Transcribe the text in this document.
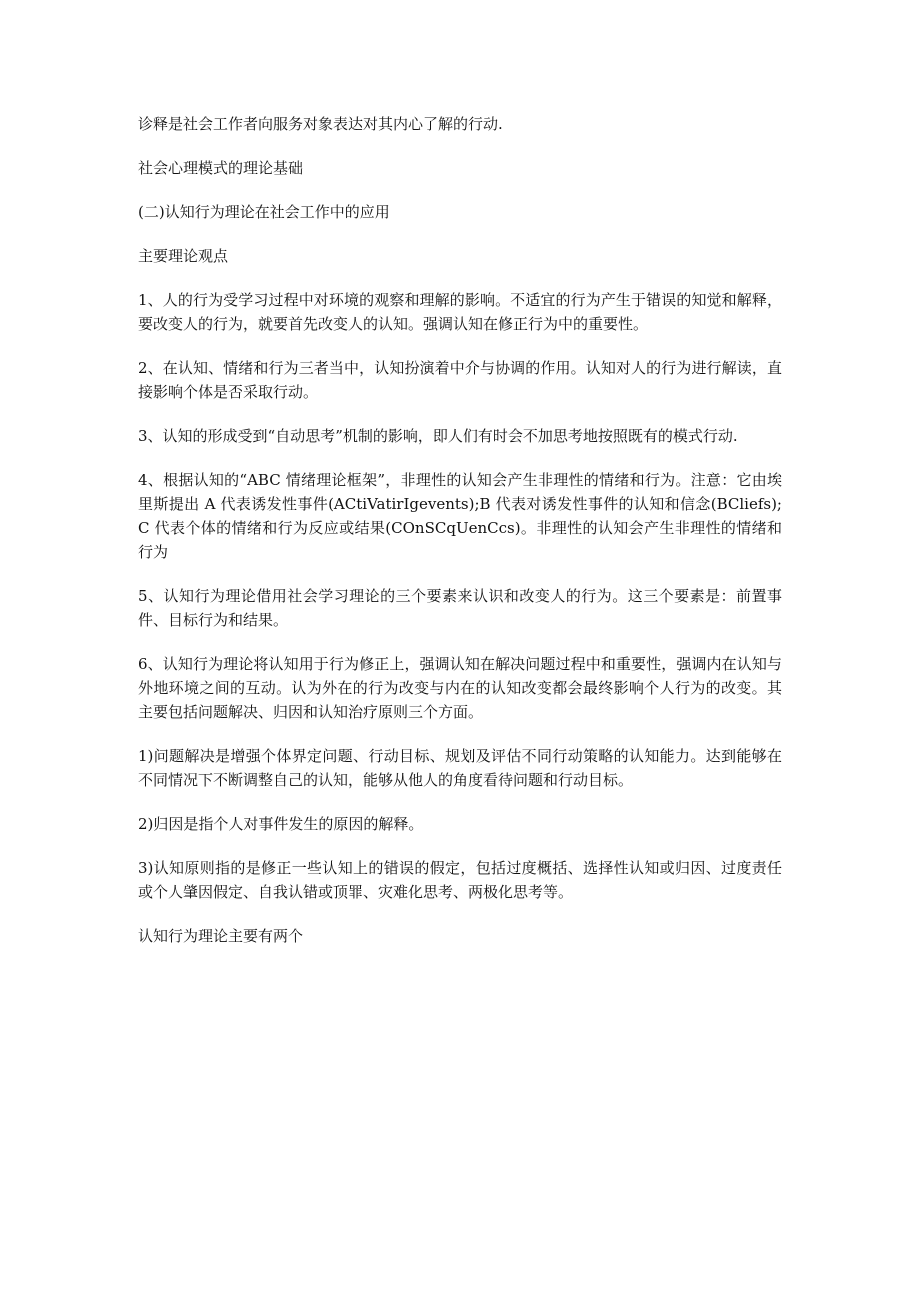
诊释是社会工作者向服务对象表达对其内心了解的行动.

社会心理模式的理论基础

(二)认知行为理论在社会工作中的应用

主要理论观点

1、人的行为受学习过程中对环境的观察和理解的影响。不适宜的行为产生于错误的知觉和解释，要改变人的行为，就要首先改变人的认知。强调认知在修正行为中的重要性。

2、在认知、情绪和行为三者当中，认知扮演着中介与协调的作用。认知对人的行为进行解读，直接影响个体是否采取行动。

3、认知的形成受到“自动思考”机制的影响，即人们有时会不加思考地按照既有的模式行动.

4、根据认知的“ABC 情绪理论框架”，非理性的认知会产生非理性的情绪和行为。注意：它由埃里斯提出 A 代表诱发性事件(ACtiVatirIgevents);B 代表对诱发性事件的认知和信念(BCliefs);C 代表个体的情绪和行为反应或结果(COnSCqUenCcs)。非理性的认知会产生非理性的情绪和行为

5、认知行为理论借用社会学习理论的三个要素来认识和改变人的行为。这三个要素是：前置事件、目标行为和结果。

6、认知行为理论将认知用于行为修正上，强调认知在解决问题过程中和重要性，强调内在认知与外地环境之间的互动。认为外在的行为改变与内在的认知改变都会最终影响个人行为的改变。其主要包括问题解决、归因和认知治疗原则三个方面。

1)问题解决是增强个体界定问题、行动目标、规划及评估不同行动策略的认知能力。达到能够在不同情况下不断调整自己的认知，能够从他人的角度看待问题和行动目标。

2)归因是指个人对事件发生的原因的解释。

3)认知原则指的是修正一些认知上的错误的假定，包括过度概括、选择性认知或归因、过度责任或个人肇因假定、自我认错或顶罪、灾难化思考、两极化思考等。

认知行为理论主要有两个
